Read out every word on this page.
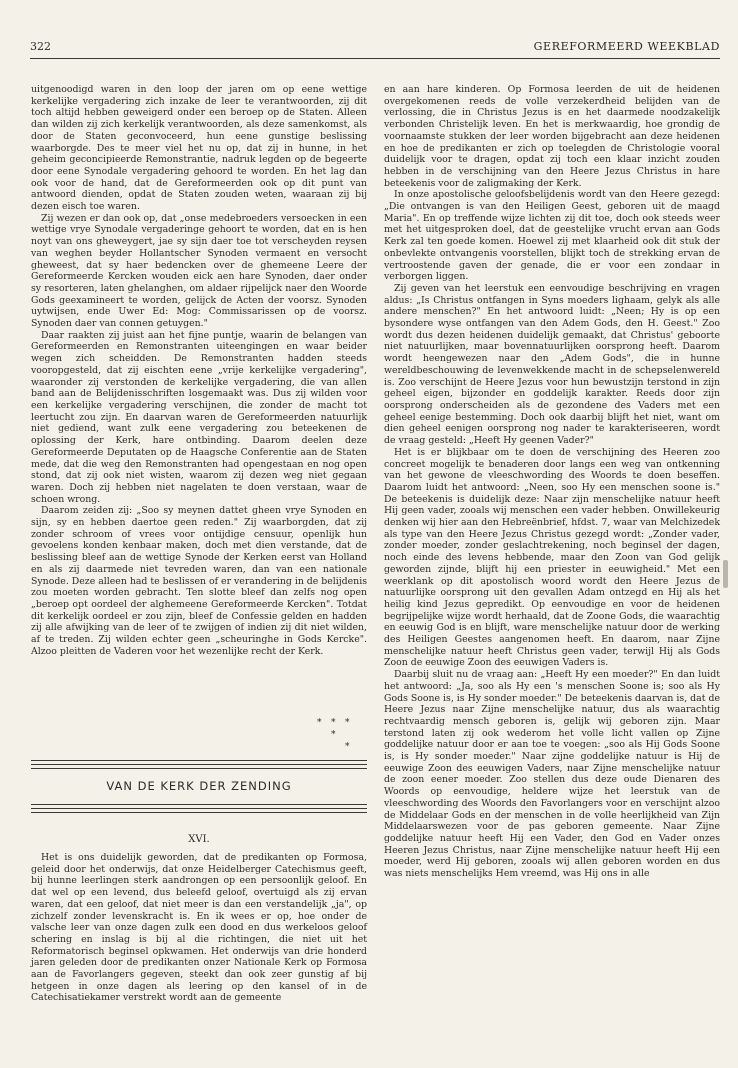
322	GEREFORMEERD WEEKBLAD

uitgenoodigd waren in den loop der jaren om op eene wettige kerkelijke vergadering zich inzake de leer te verantwoorden, zij dit toch altijd hebben geweigerd onder een beroep op de Staten. Alleen dan wilden zij zich kerkelijk verantwoorden, als deze samenkomst, als door de Staten geconvoceerd, hun eene gunstige beslissing waarborgde. Des te meer viel het nu op, dat zij in hunne, in het geheim geconcipieerde Remonstrantie, nadruk legden op de begeerte door eene Synodale vergadering gehoord te worden. En het lag dan ook voor de hand, dat de Gereformeerden ook op dit punt van antwoord dienden, opdat de Staten zouden weten, waaraan zij bij dezen eisch toe waren.

Zij wezen er dan ook op, dat „onse medebroeders versoecken in een wettige vrye Synodale vergaderinge gehoort te worden, dat en is hen noyt van ons gheweygert, jae sy sijn daer toe tot verscheyden reysen van weghen beyder Hollantscher Synoden vermaent en versocht gheweest, dat sy haer bedencken over de ghemeene Leere der Gereformeerde Kercken wouden eick aen hare Synoden, daer onder sy resorteren, laten ghelanghen, om aldaer rijpelijck naer den Woorde Gods geexamineert te worden, gelijck de Acten der voorsz. Synoden uytwijsen, ende Uwer Ed: Mog: Commissarissen op de voorsz. Synoden daer van connen getuygen."

Daar raakten zij juist aan het fijne puntje, waarin de belangen van Gereformeerden en Remonstranten uiteengingen en waar beider wegen zich scheidden. De Remonstranten hadden steeds vooropgesteld, dat zij eischten eene „vrije kerkelijke vergadering", waaronder zij verstonden de kerkelijke vergadering, die van allen band aan de Belijdenisschriften losgemaakt was. Dus zij wilden voor een kerkelijke vergadering verschijnen, die zonder de macht tot leertucht zou zijn. En daarvan waren de Gereformeerden natuurlijk niet gediend, want zulk eene vergadering zou beteekenen de oplossing der Kerk, hare ontbinding. Daarom deelen deze Gereformeerde Deputaten op de Haagsche Conferentie aan de Staten mede, dat die weg den Remonstranten had opengestaan en nog open stond, dat zij ook niet wisten, waarom zij dezen weg niet gegaan waren. Doch zij hebben niet nagelaten te doen verstaan, waar de schoen wrong.

Daarom zeiden zij: „Soo sy meynen dattet gheen vrye Synoden en sijn, sy en hebben daertoe geen reden." Zij waarborgden, dat zij zonder schroom of vrees voor ontijdige censuur, openlijk hun gevoelens konden kenbaar maken, doch met dien verstande, dat de beslissing bleef aan de wettige Synode der Kerken eerst van Holland en als zij daarmede niet tevreden waren, dan van een nationale Synode. Deze alleen had te beslissen of er verandering in de belijdenis zou moeten worden gebracht. Ten slotte bleef dan zelfs nog open „beroep opt oordeel der alghemeene Gereformeerde Kercken". Totdat dit kerkelijk oordeel er zou zijn, bleef de Confessie gelden en hadden zij alle afwijking van de leer of te zwijgen of indien zij dit niet wilden, af te treden. Zij wilden echter geen „scheuringhe in Gods Kercke". Alzoo pleitten de Vaderen voor het wezenlijke recht der Kerk.

* * *
*
*
VAN DE KERK DER ZENDING
XVI.

Het is ons duidelijk geworden, dat de predikanten op Formosa, geleid door het onderwijs, dat onze Heidelberger Catechismus geeft, bij hunne leerlingen sterk aandrongen op een persoonlijk geloof. En dat wel op een levend, dus beleefd geloof, overtuigd als zij ervan waren, dat een geloof, dat niet meer is dan een verstandelijk „ja", op zichzelf zonder levenskracht is. En ik wees er op, hoe onder de valsche leer van onze dagen zulk een dood en dus werkeloos geloof schering en inslag is bij al die richtingen, die niet uit het Reformatorisch beginsel opkwamen. Het onderwijs van drie honderd jaren geleden door de predikanten onzer Nationale Kerk op Formosa aan de Favorlangers gegeven, steekt dan ook zeer gunstig af bij hetgeen in onze dagen als leering op den kansel of in de Catechisatiekamer verstrekt wordt aan de gemeente

en aan hare kinderen. Op Formosa leerden de uit de heidenen overgekomenen reeds de volle verzekerdheid belijden van de verlossing, die in Christus Jezus is en het daarmede noodzakelijk verbonden Christelijk leven. En het is merkwaardig, hoe grondig de voornaamste stukken der leer worden bijgebracht aan deze heidenen en hoe de predikanten er zich op toelegden de Christologie vooral duidelijk voor te dragen, opdat zij toch een klaar inzicht zouden hebben in de verschijning van den Heere Jezus Christus in hare beteekenis voor de zaligmaking der Kerk.

In onze apostolische geloofsbelijdenis wordt van den Heere gezegd: „Die ontvangen is van den Heiligen Geest, geboren uit de maagd Maria". En op treffende wijze lichten zij dit toe, doch ook steeds weer met het uitgesproken doel, dat de geestelijke vrucht ervan aan Gods Kerk zal ten goede komen. Hoewel zij met klaarheid ook dit stuk der onbevlekte ontvangenis voorstellen, blijkt toch de strekking ervan de vertroostende gaven der genade, die er voor een zondaar in verborgen liggen.

Zij geven van het leerstuk een eenvoudige beschrijving en vragen aldus: „Is Christus ontfangen in Syns moeders lighaam, gelyk als alle andere menschen?" En het antwoord luidt: „Neen; Hy is op een bysondere wyse ontfangen van den Adem Gods, den H. Geest." Zoo wordt dus dezen heidenen duidelijk gemaakt, dat Christus' geboorte niet natuurlijken, maar bovennatuurlijken oorsprong heeft. Daarom wordt heengewezen naar den „Adem Gods", die in hunne wereldbeschouwing de levenwekkende macht in de schepselenwereld is. Zoo verschijnt de Heere Jezus voor hun bewustzijn terstond in zijn geheel eigen, bijzonder en goddelijk karakter. Reeds door zijn oorsprong onderscheiden als de gezondene des Vaders met een geheel eenige bestemming. Doch ook daarbij blijft het niet, want om dien geheel eenigen oorsprong nog nader te karakteriseeren, wordt de vraag gesteld: „Heeft Hy geenen Vader?"

Het is er blijkbaar om te doen de verschijning des Heeren zoo concreet mogelijk te benaderen door langs een weg van ontkenning van het gewone de vleeschwording des Woords te doen beseffen. Daarom luidt het antwoord: „Neen, soo Hy een menschen soone is." De beteekenis is duidelijk deze: Naar zijn menschelijke natuur heeft Hij geen vader, zooals wij menschen een vader hebben. Onwillekeurig denken wij hier aan den Hebreënbrief, hfdst. 7, waar van Melchizedek als type van den Heere Jezus Christus gezegd wordt: „Zonder vader, zonder moeder, zonder geslachtrekening, noch beginsel der dagen, noch einde des levens hebbende, maar den Zoon van God gelijk geworden zijnde, blijft hij een priester in eeuwigheid." Met een weerklank op dit apostolisch woord wordt den Heere Jezus de natuurlijke oorsprong uit den gevallen Adam ontzegd en Hij als het heilig kind Jezus gepredikt. Op eenvoudige en voor de heidenen begrijpelijke wijze wordt herhaald, dat de Zoone Gods, die waarachtig en eeuwig God is en blijft, ware menschelijke natuur door de werking des Heiligen Geestes aangenomen heeft. En daarom, naar Zijne menschelijke natuur heeft Christus geen vader, terwijl Hij als Gods Zoon de eeuwige Zoon des eeuwigen Vaders is.

Daarbij sluit nu de vraag aan: „Heeft Hy een moeder?" En dan luidt het antwoord: „Ja, soo als Hy een 's menschen Soone is; soo als Hy Gods Soone is, is Hy sonder moeder." De beteekenis daarvan is, dat de Heere Jezus naar Zijne menschelijke natuur, dus als waarachtig rechtvaardig mensch geboren is, gelijk wij geboren zijn. Maar terstond laten zij ook wederom het volle licht vallen op Zijne goddelijke natuur door er aan toe te voegen: „soo als Hij Gods Soone is, is Hy sonder moeder." Naar zijne goddelijke natuur is Hij de eeuwige Zoon des eeuwigen Vaders, naar Zijne menschelijke natuur de zoon eener moeder. Zoo stellen dus deze oude Dienaren des Woords op eenvoudige, heldere wijze het leerstuk van de vleeschwording des Woords den Favorlangers voor en verschijnt alzoo de Middelaar Gods en der menschen in de volle heerlijkheid van Zijn Middelaarswezen voor de pas geboren gemeente. Naar Zijne goddelijke natuur heeft Hij een Vader, den God en Vader onzes Heeren Jezus Christus, naar Zijne menschelijke natuur heeft Hij een moeder, werd Hij geboren, zooals wij allen geboren worden en dus was niets menschelijks Hem vreemd, was Hij ons in alle
